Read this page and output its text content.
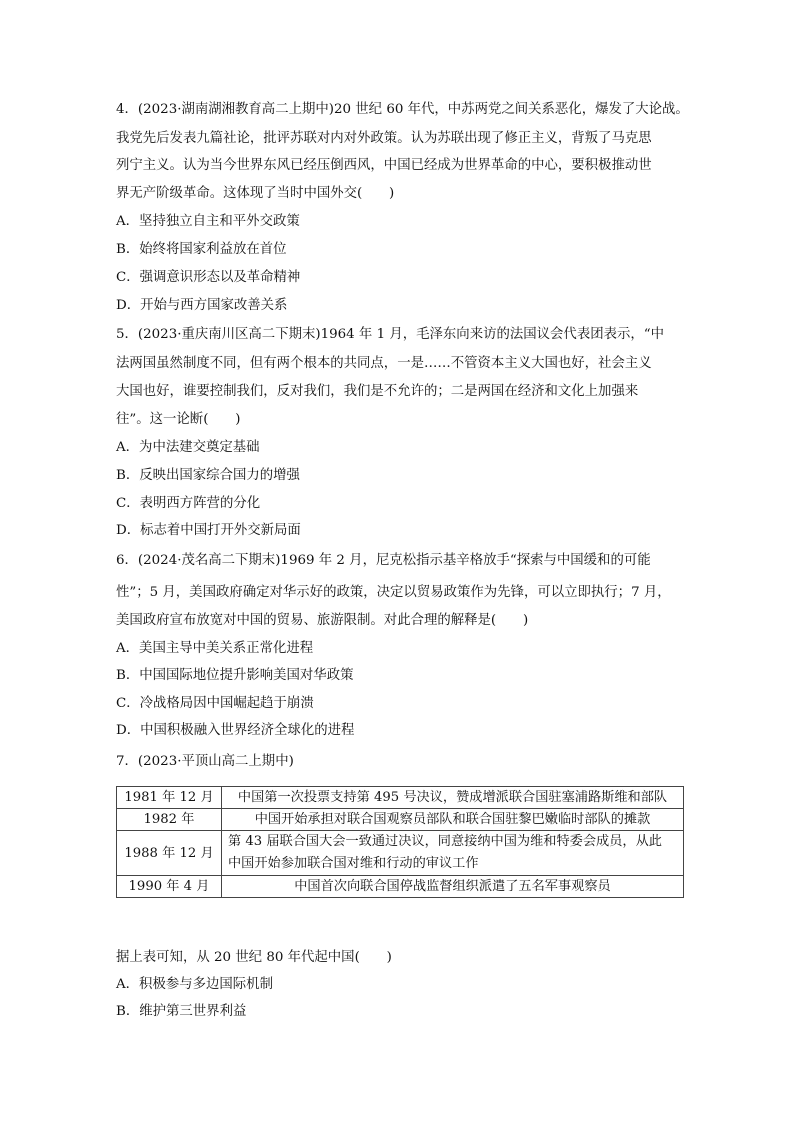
4．(2023·湖南湖湘教育高二上期中)20 世纪 60 年代，中苏两党之间关系恶化，爆发了大论战。
我党先后发表九篇社论，批评苏联对内对外政策。认为苏联出现了修正主义，背叛了马克思
列宁主义。认为当今世界东风已经压倒西风，中国已经成为世界革命的中心，要积极推动世
界无产阶级革命。这体现了当时中国外交(　　)
A．坚持独立自主和平外交政策
B．始终将国家利益放在首位
C．强调意识形态以及革命精神
D．开始与西方国家改善关系
5．(2023·重庆南川区高二下期末)1964 年 1 月，毛泽东向来访的法国议会代表团表示，“中
法两国虽然制度不同，但有两个根本的共同点，一是……不管资本主义大国也好，社会主义
大国也好，谁要控制我们，反对我们，我们是不允许的；二是两国在经济和文化上加强来
往”。这一论断(　　)
A．为中法建交奠定基础
B．反映出国家综合国力的增强
C．表明西方阵营的分化
D．标志着中国打开外交新局面
6．(2024·茂名高二下期末)1969 年 2 月，尼克松指示基辛格放手“探索与中国缓和的可能
性”；5 月，美国政府确定对华示好的政策，决定以贸易政策作为先锋，可以立即执行；7 月，
美国政府宣布放宽对中国的贸易、旅游限制。对此合理的解释是(　　)
A．美国主导中美关系正常化进程
B．中国国际地位提升影响美国对华政策
C．冷战格局因中国崛起趋于崩溃
D．中国积极融入世界经济全球化的进程
7．(2023·平顶山高二上期中)
1981 年 12 月	中国第一次投票支持第 495 号决议，赞成增派联合国驻塞浦路斯维和部队
1982 年	中国开始承担对联合国观察员部队和联合国驻黎巴嫩临时部队的摊款
1988 年 12 月	第 43 届联合国大会一致通过决议，同意接纳中国为维和特委会成员，从此
中国开始参加联合国对维和行动的审议工作

1990 年 4 月	中国首次向联合国停战监督组织派遣了五名军事观察员
据上表可知，从 20 世纪 80 年代起中国(　　)
A．积极参与多边国际机制
B．维护第三世界利益
